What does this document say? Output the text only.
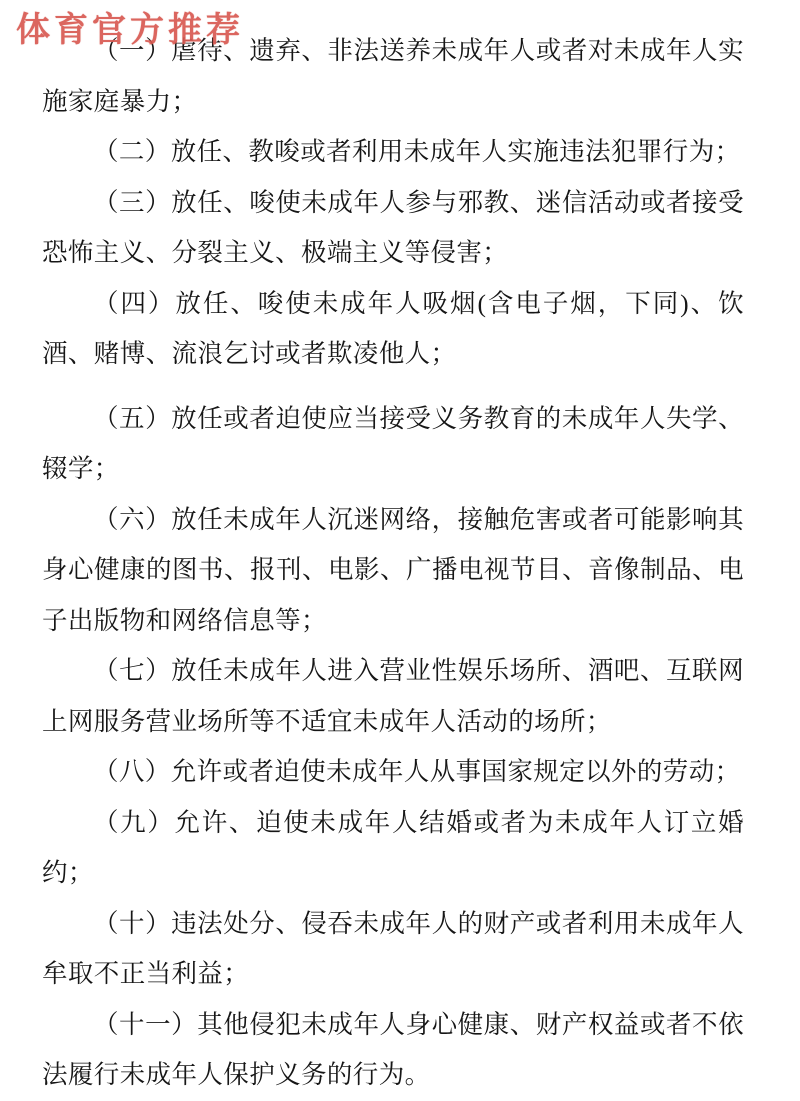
体育官方推荐

（一）虐待、遗弃、非法送养未成年人或者对未成年人实施家庭暴力；

（二）放任、教唆或者利用未成年人实施违法犯罪行为；

（三）放任、唆使未成年人参与邪教、迷信活动或者接受恐怖主义、分裂主义、极端主义等侵害；

（四）放任、唆使未成年人吸烟(含电子烟，下同)、饮酒、赌博、流浪乞讨或者欺凌他人；

（五）放任或者迫使应当接受义务教育的未成年人失学、辍学；

（六）放任未成年人沉迷网络，接触危害或者可能影响其身心健康的图书、报刊、电影、广播电视节目、音像制品、电子出版物和网络信息等；

（七）放任未成年人进入营业性娱乐场所、酒吧、互联网上网服务营业场所等不适宜未成年人活动的场所；

（八）允许或者迫使未成年人从事国家规定以外的劳动；

（九）允许、迫使未成年人结婚或者为未成年人订立婚约；

（十）违法处分、侵吞未成年人的财产或者利用未成年人牟取不正当利益；

（十一）其他侵犯未成年人身心健康、财产权益或者不依法履行未成年人保护义务的行为。
